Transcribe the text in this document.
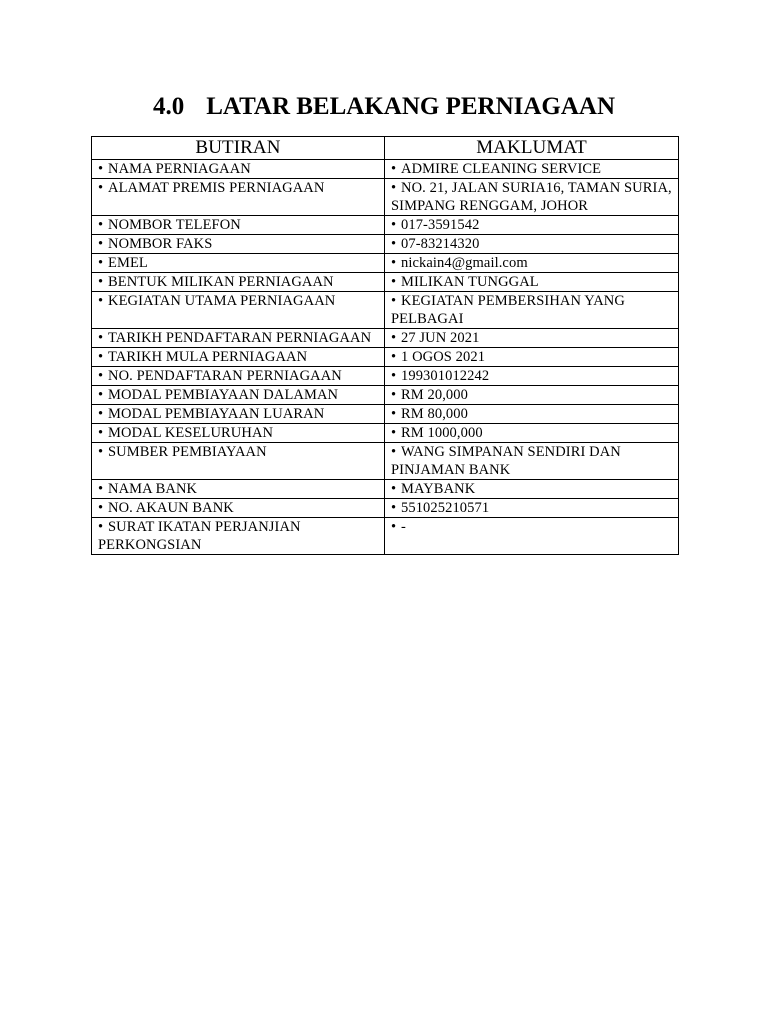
4.0 LATAR BELAKANG PERNIAGAAN
BUTIRAN	MAKLUMAT
• NAMA PERNIAGAAN	• ADMIRE CLEANING SERVICE
• ALAMAT PREMIS PERNIAGAAN	• NO. 21, JALAN SURIA16, TAMAN SURIA, SIMPANG RENGGAM, JOHOR
• NOMBOR TELEFON	• 017-3591542
• NOMBOR FAKS	• 07-83214320
• EMEL	• nickain4@gmail.com
• BENTUK MILIKAN PERNIAGAAN	• MILIKAN TUNGGAL
• KEGIATAN UTAMA PERNIAGAAN	• KEGIATAN PEMBERSIHAN YANG PELBAGAI
• TARIKH PENDAFTARAN PERNIAGAAN	• 27 JUN 2021
• TARIKH MULA PERNIAGAAN	• 1 OGOS 2021
• NO. PENDAFTARAN PERNIAGAAN	• 199301012242
• MODAL PEMBIAYAAN DALAMAN	• RM 20,000
• MODAL PEMBIAYAAN LUARAN	• RM 80,000
• MODAL KESELURUHAN	• RM 1000,000
• SUMBER PEMBIAYAAN	• WANG SIMPANAN SENDIRI DAN PINJAMAN BANK
• NAMA BANK	• MAYBANK
• NO. AKAUN BANK	• 551025210571
• SURAT IKATAN PERJANJIAN PERKONGSIAN	• -
